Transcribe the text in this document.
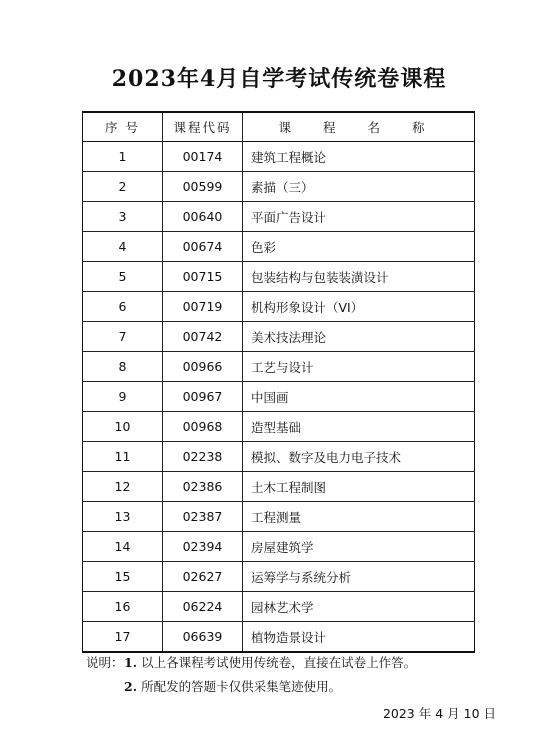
2023年4月自学考试传统卷课程
序 号	课程代码	课 程 名 称
1	00174	建筑工程概论
2	00599	素描（三）
3	00640	平面广告设计
4	00674	色彩
5	00715	包装结构与包装装潢设计
6	00719	机构形象设计（VI）
7	00742	美术技法理论
8	00966	工艺与设计
9	00967	中国画
10	00968	造型基础
11	02238	模拟、数字及电力电子技术
12	02386	土木工程制图
13	02387	工程测量
14	02394	房屋建筑学
15	02627	运筹学与系统分析
16	06224	园林艺术学
17	06639	植物造景设计
说明：1. 以上各课程考试使用传统卷，直接在试卷上作答。
2. 所配发的答题卡仅供采集笔迹使用。
2023 年 4 月 10 日
